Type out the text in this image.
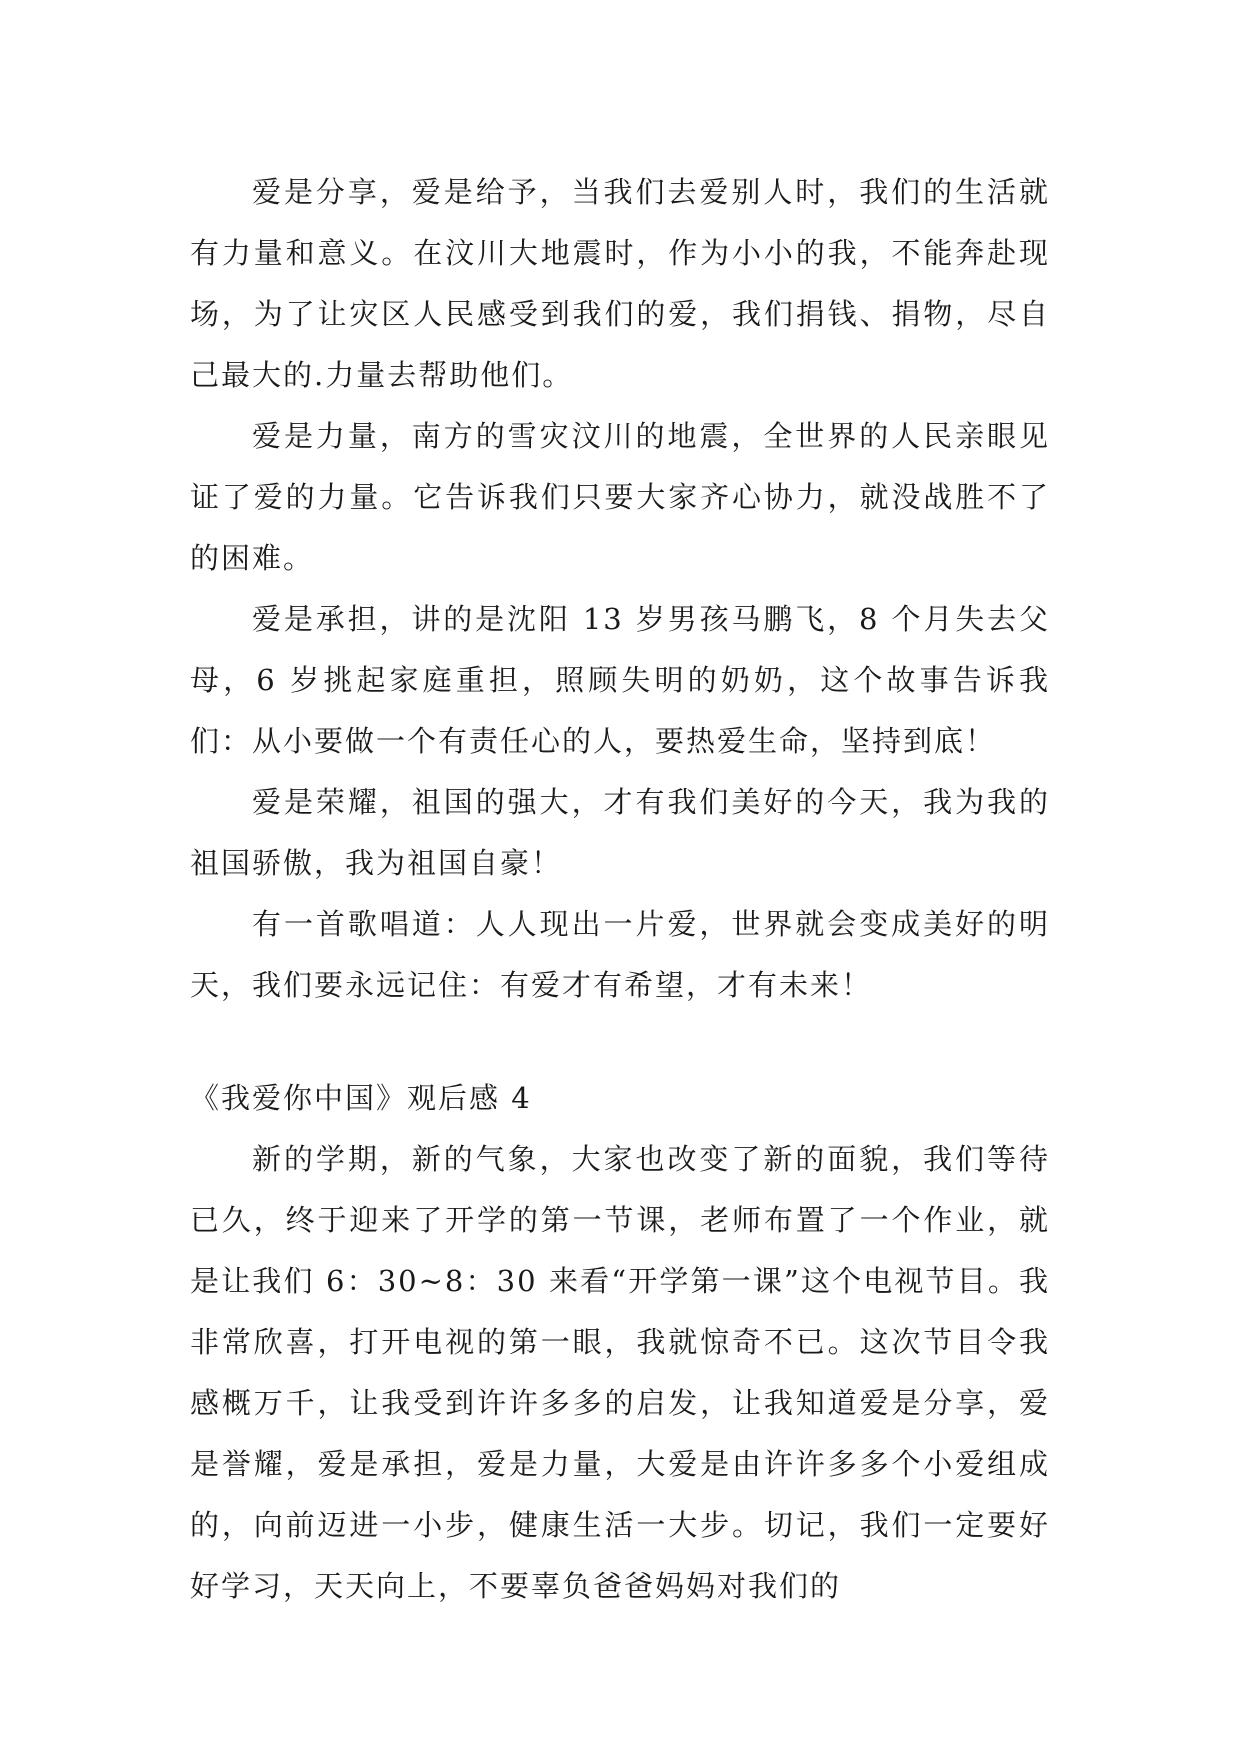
爱是分享，爱是给予，当我们去爱别人时，我们的生活就有力量和意义。在汶川大地震时，作为小小的我，不能奔赴现场，为了让灾区人民感受到我们的爱，我们捐钱、捐物，尽自己最大的.力量去帮助他们。

爱是力量，南方的雪灾汶川的地震，全世界的人民亲眼见证了爱的力量。它告诉我们只要大家齐心协力，就没战胜不了的困难。

爱是承担，讲的是沈阳 13 岁男孩马鹏飞，8 个月失去父母，6 岁挑起家庭重担，照顾失明的奶奶，这个故事告诉我们：从小要做一个有责任心的人，要热爱生命，坚持到底！

爱是荣耀，祖国的强大，才有我们美好的今天，我为我的祖国骄傲，我为祖国自豪！

有一首歌唱道：人人现出一片爱，世界就会变成美好的明天，我们要永远记住：有爱才有希望，才有未来！

《我爱你中国》观后感 4

新的学期，新的气象，大家也改变了新的面貌，我们等待已久，终于迎来了开学的第一节课，老师布置了一个作业，就是让我们 6：30~8：30 来看“开学第一课”这个电视节目。我非常欣喜，打开电视的第一眼，我就惊奇不已。这次节目令我感概万千，让我受到许许多多的启发，让我知道爱是分享，爱是誉耀，爱是承担，爱是力量，大爱是由许许多多个小爱组成的，向前迈进一小步，健康生活一大步。切记，我们一定要好好学习，天天向上，不要辜负爸爸妈妈对我们的
